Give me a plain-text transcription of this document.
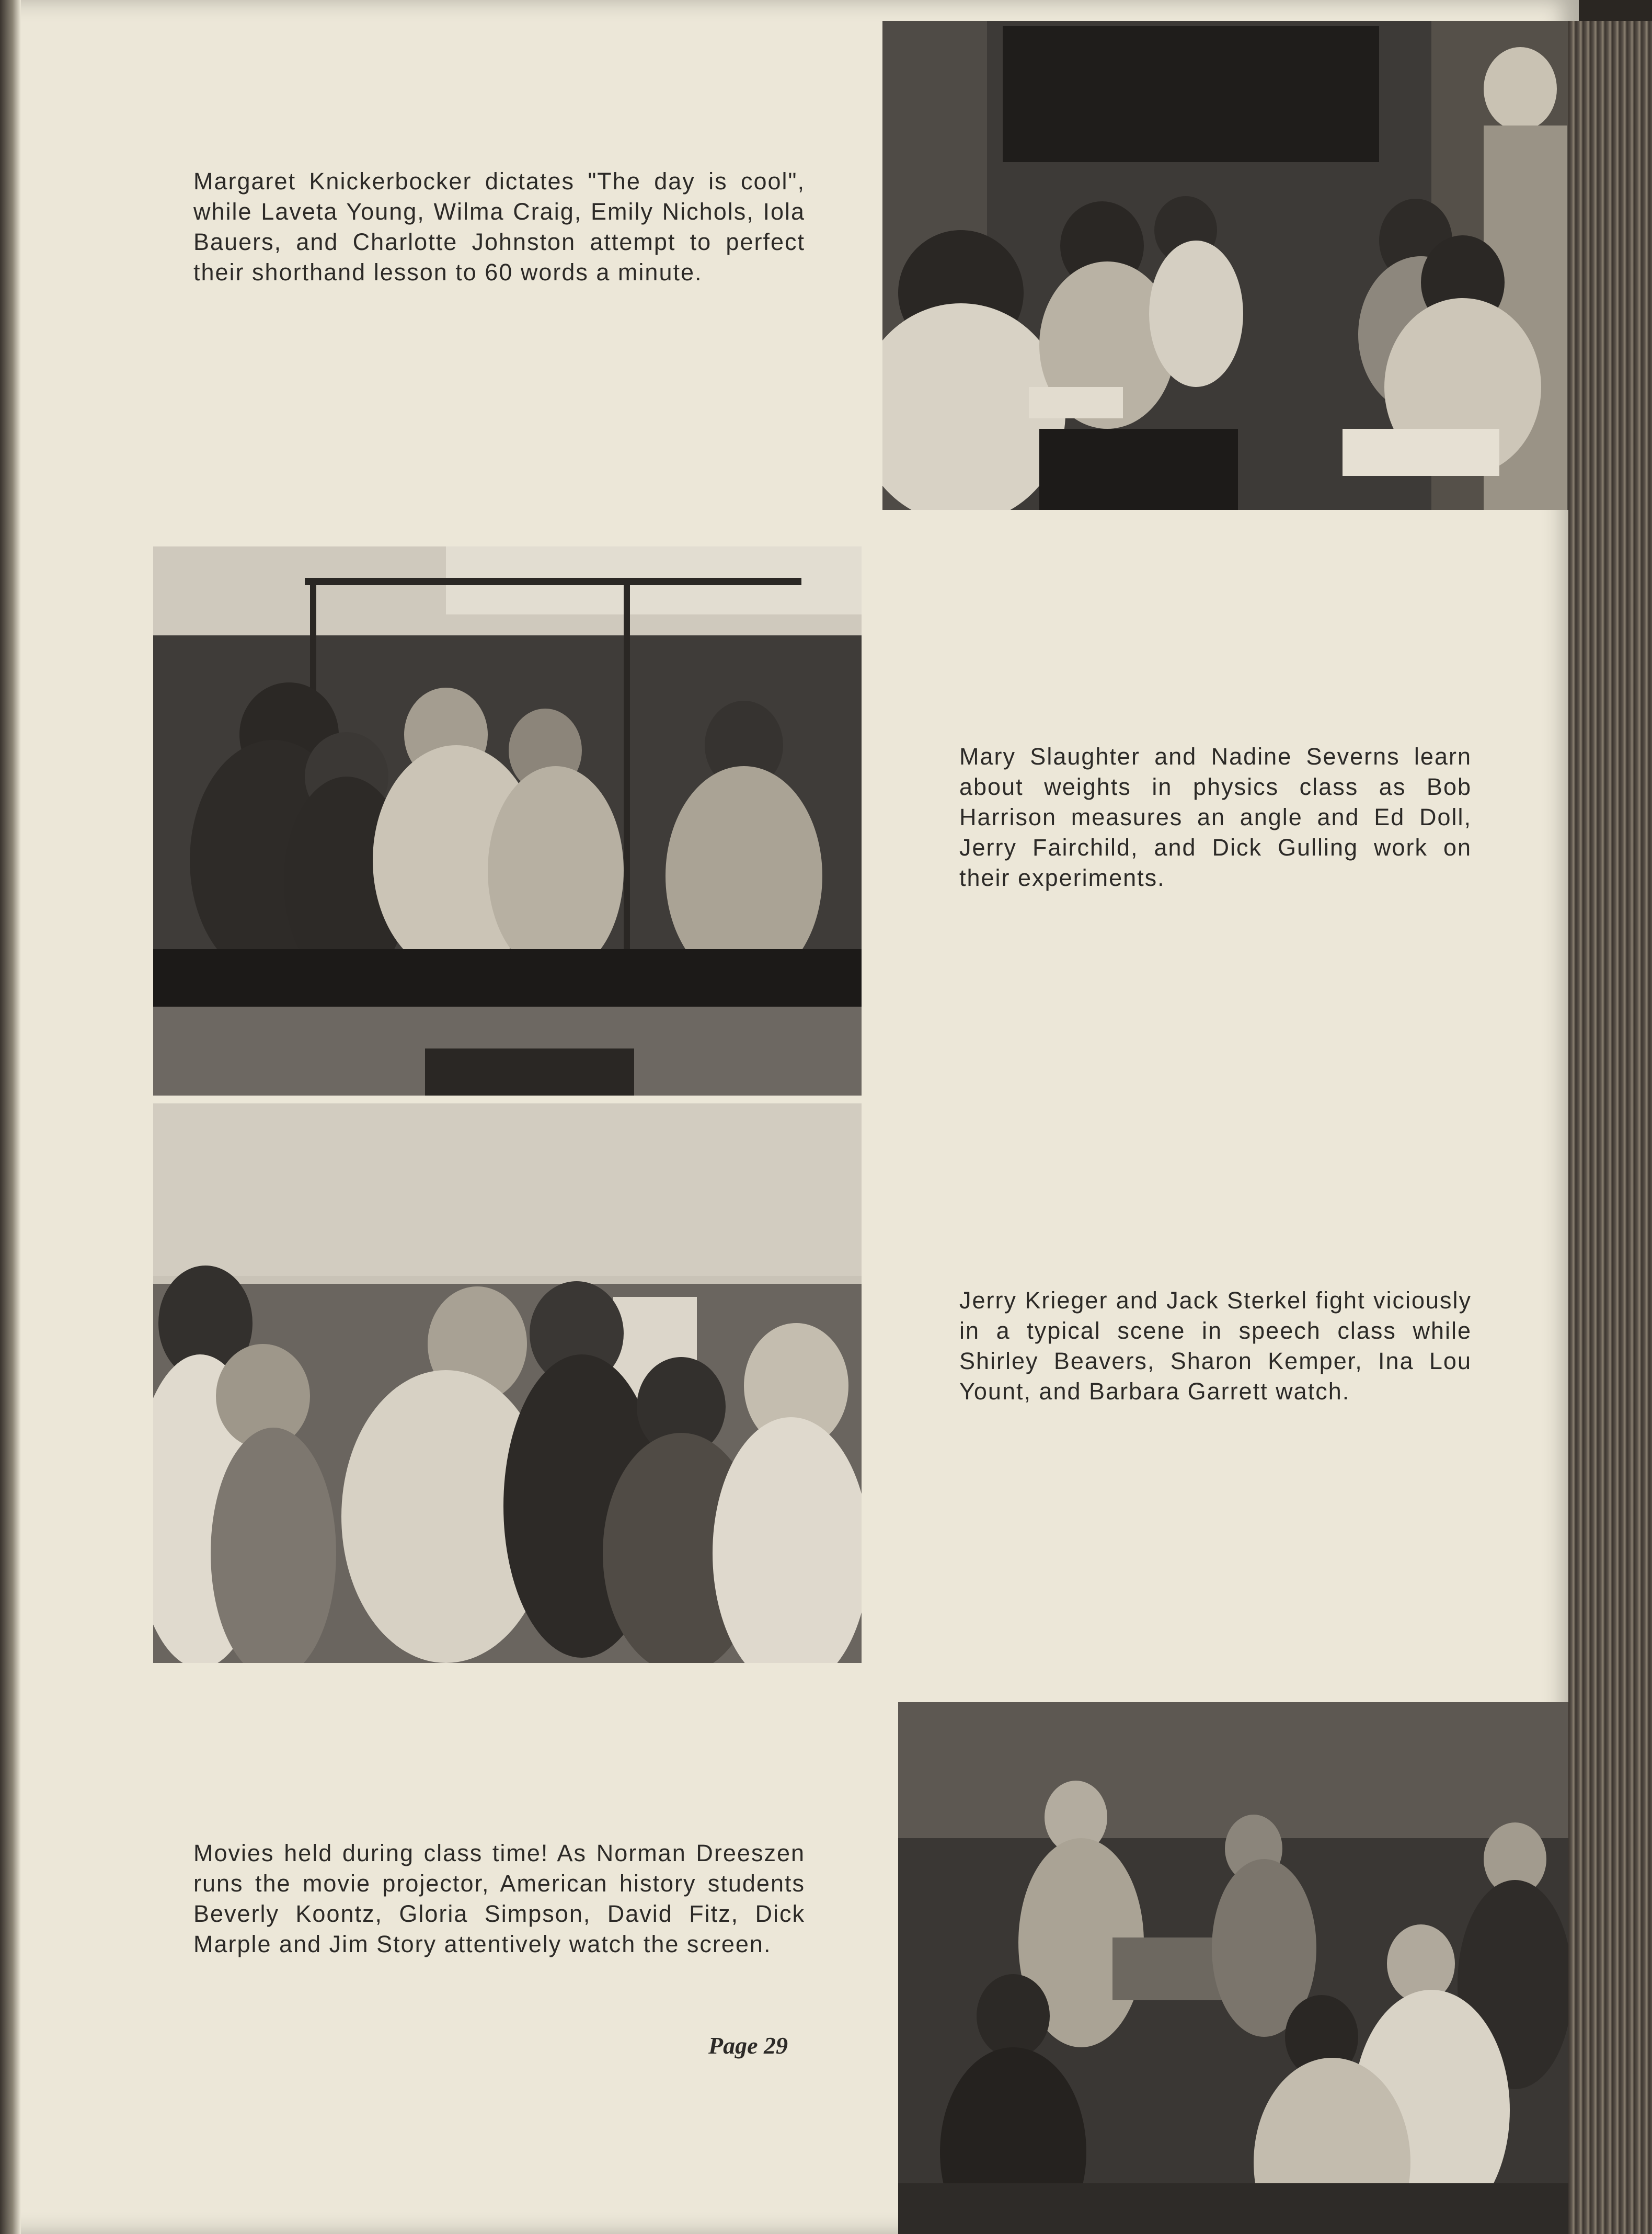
Margaret Knickerbocker dictates "The day is cool", while Laveta Young, Wilma Craig, Emily Nichols, Iola Bauers, and Charlotte Johnston attempt to perfect their shorthand lesson to 60 words a minute.
Mary Slaughter and Nadine Severns learn about weights in physics class as Bob Harrison measures an angle and Ed Doll, Jerry Fairchild, and Dick Gulling work on their experiments.
Jerry Krieger and Jack Sterkel fight viciously in a typical scene in speech class while Shirley Beavers, Sharon Kemper, Ina Lou Yount, and Barbara Garrett watch.
Movies held during class time! As Norman Dreeszen runs the movie projector, American history students Beverly Koontz, Gloria Simpson, David Fitz, Dick Marple and Jim Story attentively watch the screen.
Page 29
